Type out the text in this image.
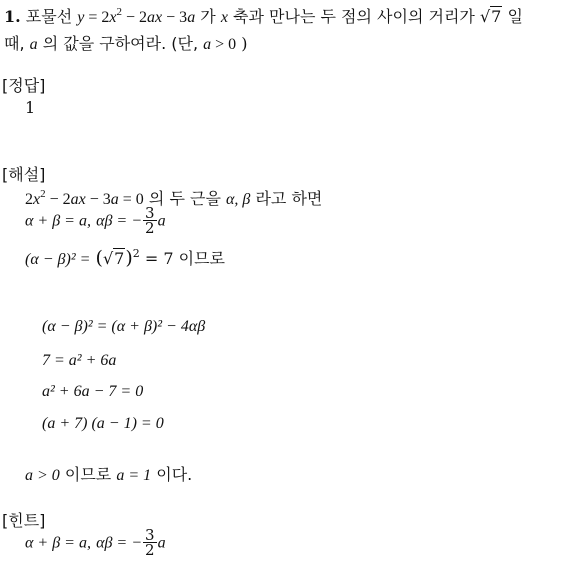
1. 포물선 $y = 2x^2 - 2ax - 3a$ 가 x 축과 만나는 두 점의 사이의 거리가 √7 일
때, a 의 값을 구하여라. (단, a > 0 )
[정답]
1
[해설]
$2x^2 - 2ax - 3a = 0$ 의 두 근을 α, β 라고 하면
α + β = a, αβ = − $\frac{3}{2}$ a
$(\alpha - \beta)^2 = (√7)^2 = 7$ 이므로
(α − β)² = (α + β)² − 4αβ
7 = a² + 6a
a² + 6a − 7 = 0
(a + 7) (a − 1) = 0
a > 0 이므로 a = 1 이다.
[힌트]
α + β = a, αβ = − $\frac{3}{2}$ a
